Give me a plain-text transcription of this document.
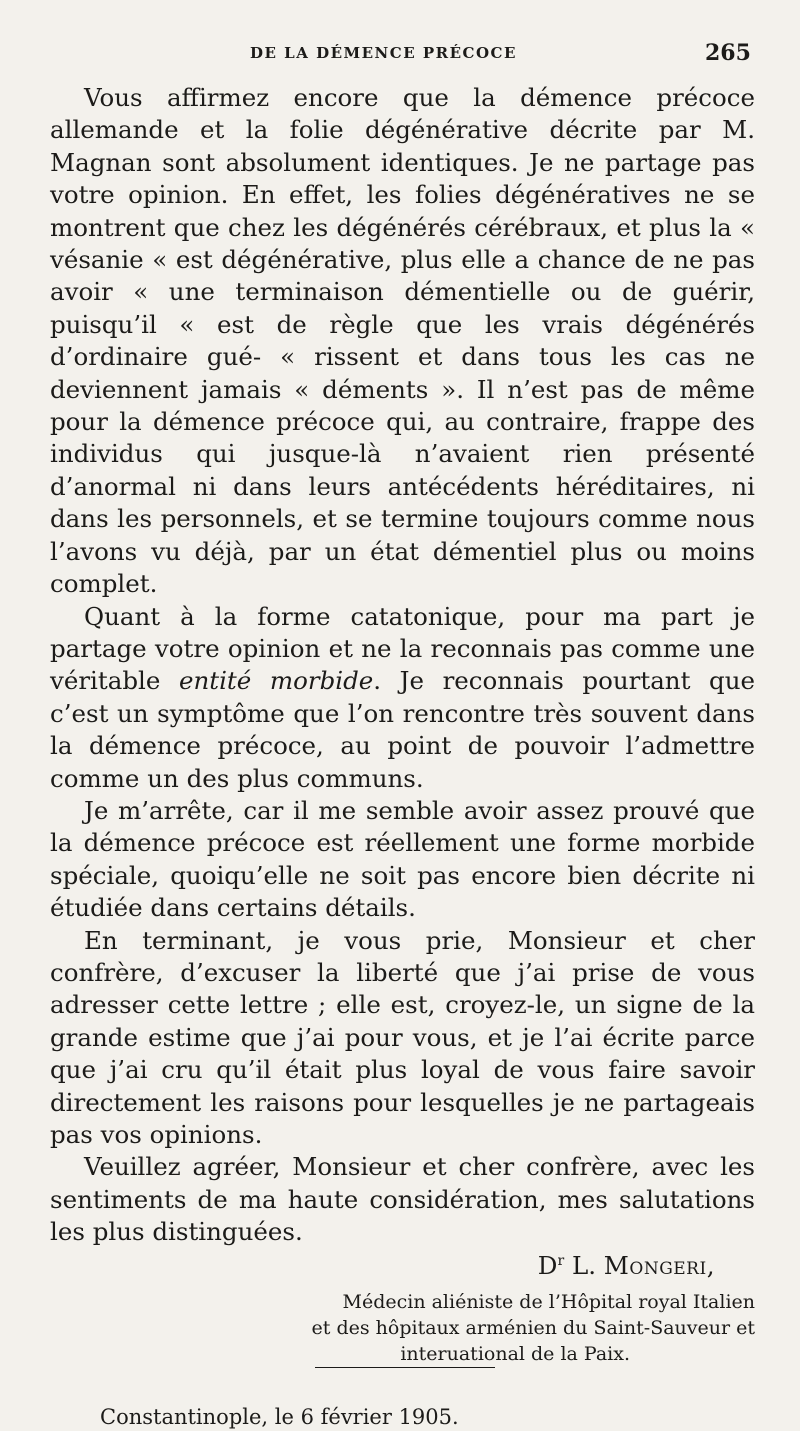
DE LA DÉMENCE PRÉCOCE	265

Vous affirmez encore que la démence précoce allemande et la folie dégénérative décrite par M. Magnan sont absolument identiques. Je ne partage pas votre opinion. En effet, les folies dégénératives ne se montrent que chez les dégénérés cérébraux, et plus la « vésanie « est dégénérative, plus elle a chance de ne pas avoir « une terminaison démentielle ou de guérir, puisqu’il « est de règle que les vrais dégénérés d’ordinaire gué- « rissent et dans tous les cas ne deviennent jamais « déments ». Il n’est pas de même pour la démence précoce qui, au contraire, frappe des individus qui jusque-là n’avaient rien présenté d’anormal ni dans leurs antécédents héréditaires, ni dans les personnels, et se termine toujours comme nous l’avons vu déjà, par un état démentiel plus ou moins complet.

Quant à la forme catatonique, pour ma part je partage votre opinion et ne la reconnais pas comme une véritable entité morbide. Je reconnais pourtant que c’est un symptôme que l’on rencontre très souvent dans la démence précoce, au point de pouvoir l’admettre comme un des plus communs.

Je m’arrête, car il me semble avoir assez prouvé que la démence précoce est réellement une forme morbide spéciale, quoiqu’elle ne soit pas encore bien décrite ni étudiée dans certains détails.

En terminant, je vous prie, Monsieur et cher confrère, d’excuser la liberté que j’ai prise de vous adresser cette lettre ; elle est, croyez-le, un signe de la grande estime que j’ai pour vous, et je l’ai écrite parce que j’ai cru qu’il était plus loyal de vous faire savoir directement les raisons pour lesquelles je ne partageais pas vos opinions.

Veuillez agréer, Monsieur et cher confrère, avec les sentiments de ma haute considération, mes salutations les plus distinguées.

$D^r$ L. Mongeri,

Médecin aliéniste de l’Hôpital royal Italien
et des hôpitaux arménien du Saint-Sauveur et
interuational de la Paix.

Constantinople, le 6 février 1905.
